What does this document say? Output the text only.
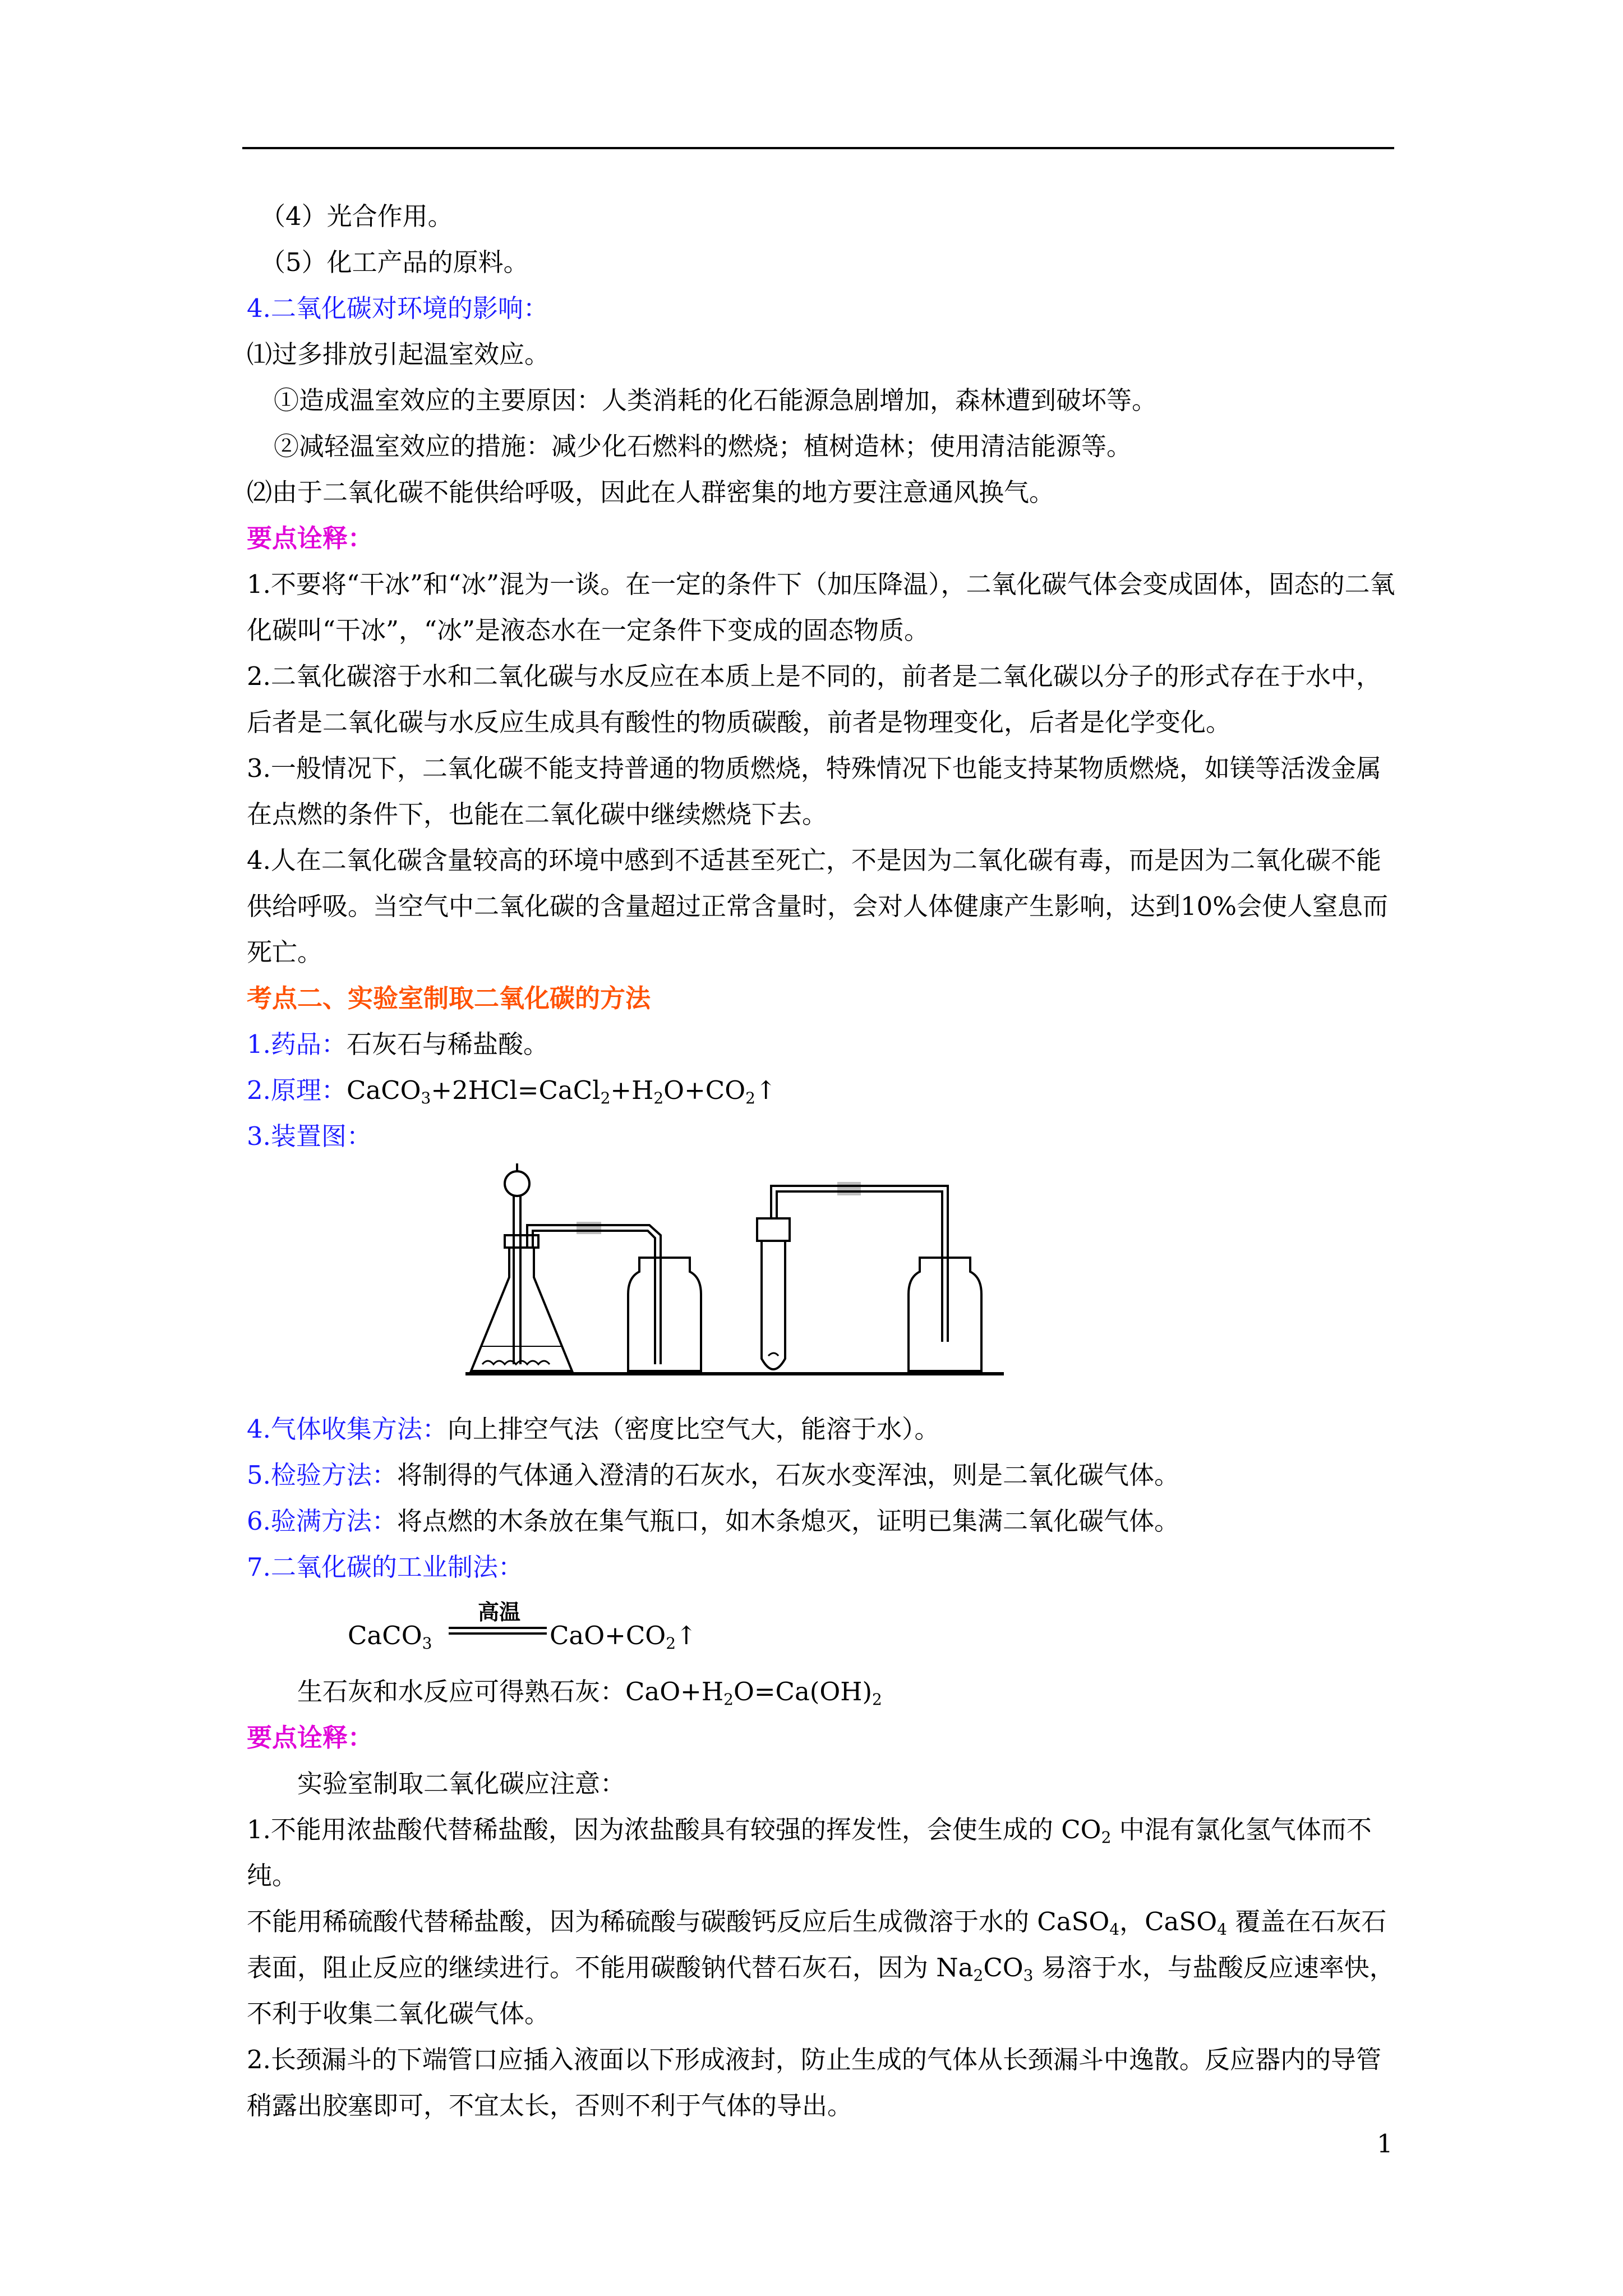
（4）光合作用。

（5）化工产品的原料。

4.二氧化碳对环境的影响：

⑴过多排放引起温室效应。

①造成温室效应的主要原因：人类消耗的化石能源急剧增加，森林遭到破坏等。

②减轻温室效应的措施：减少化石燃料的燃烧；植树造林；使用清洁能源等。

⑵由于二氧化碳不能供给呼吸，因此在人群密集的地方要注意通风换气。

要点诠释：

1.不要将“干冰”和“冰”混为一谈。在一定的条件下（加压降温），二氧化碳气体会变成固体，固态的二氧化碳叫“干冰”，“冰”是液态水在一定条件下变成的固态物质。

2.二氧化碳溶于水和二氧化碳与水反应在本质上是不同的，前者是二氧化碳以分子的形式存在于水中，后者是二氧化碳与水反应生成具有酸性的物质碳酸，前者是物理变化，后者是化学变化。

3.一般情况下，二氧化碳不能支持普通的物质燃烧，特殊情况下也能支持某物质燃烧，如镁等活泼金属在点燃的条件下，也能在二氧化碳中继续燃烧下去。

4.人在二氧化碳含量较高的环境中感到不适甚至死亡，不是因为二氧化碳有毒，而是因为二氧化碳不能供给呼吸。当空气中二氧化碳的含量超过正常含量时，会对人体健康产生影响，达到10%会使人窒息而死亡。

考点二、实验室制取二氧化碳的方法

1.药品：石灰石与稀盐酸。

2.原理：$CaCO_3+2HCl=CaCl_2+H_2O+CO_2↑$

3.装置图：

4.气体收集方法：向上排空气法（密度比空气大，能溶于水）。

5.检验方法：将制得的气体通入澄清的石灰水，石灰水变浑浊，则是二氧化碳气体。

6.验满方法：将点燃的木条放在集气瓶口，如木条熄灭，证明已集满二氧化碳气体。

7.二氧化碳的工业制法：

CaCO$_3$
高温
$CaO+CO_2↑$

生石灰和水反应可得熟石灰：$CaO+H_2O=Ca(OH)_2$

要点诠释：

实验室制取二氧化碳应注意：

1.不能用浓盐酸代替稀盐酸，因为浓盐酸具有较强的挥发性，会使生成的 $CO_2$ 中混有氯化氢气体而不纯。

不能用稀硫酸代替稀盐酸，因为稀硫酸与碳酸钙反应后生成微溶于水的 CaSO$_4$，CaSO$_4$ 覆盖在石灰石表面，阻止反应的继续进行。不能用碳酸钠代替石灰石，因为 $Na_2CO_3$ 易溶于水，与盐酸反应速率快，不利于收集二氧化碳气体。

2.长颈漏斗的下端管口应插入液面以下形成液封，防止生成的气体从长颈漏斗中逸散。反应器内的导管稍露出胶塞即可，不宜太长，否则不利于气体的导出。

1
